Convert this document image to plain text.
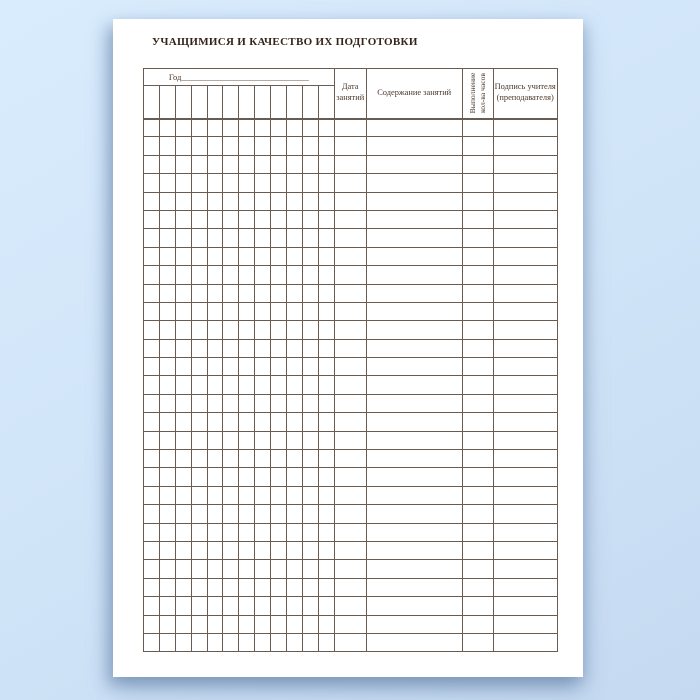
УЧАЩИМИСЯ И КАЧЕСТВО ИХ ПОДГОТОВКИ
Год______________________________												Дата занятий	Содержание занятий	Выполнение кол-ва часов	Подпись учителя (преподавателя)
